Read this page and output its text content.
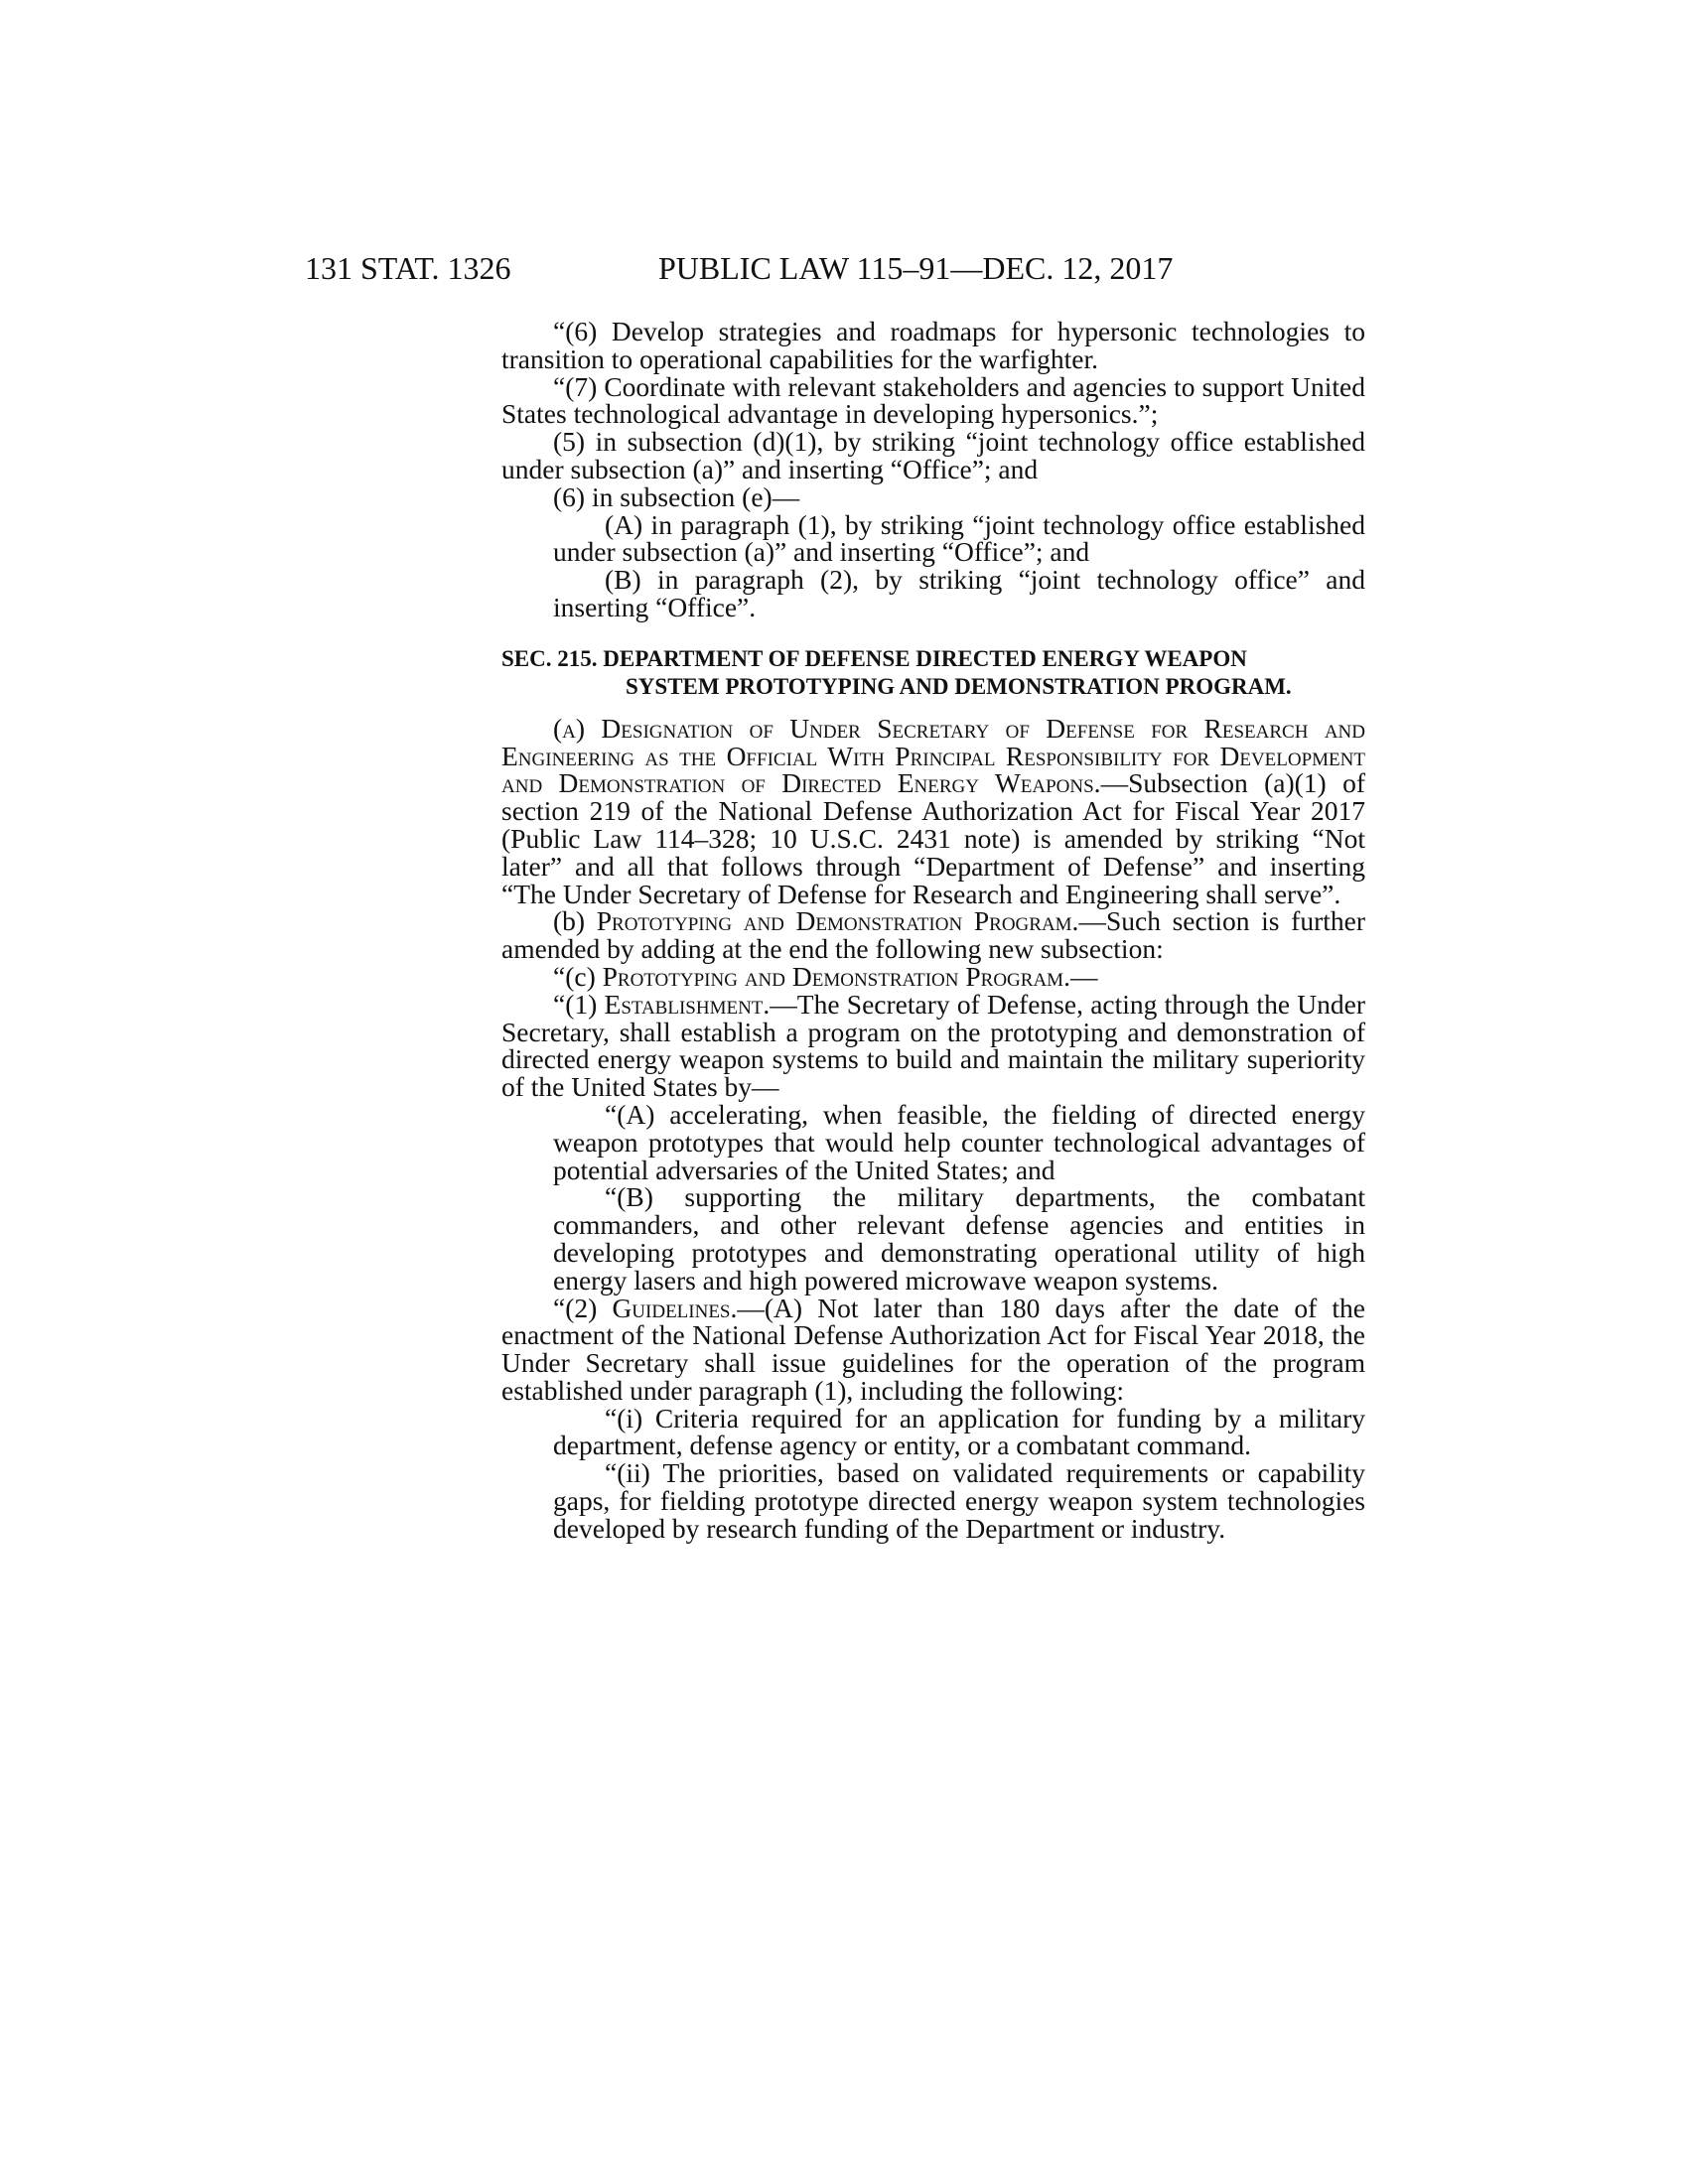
131 STAT. 1326	PUBLIC LAW 115–91—DEC. 12, 2017

“(6) Develop strategies and roadmaps for hypersonic technologies to transition to operational capabilities for the warfighter.

“(7) Coordinate with relevant stakeholders and agencies to support United States technological advantage in developing hypersonics.”;

(5) in subsection (d)(1), by striking “joint technology office established under subsection (a)” and inserting “Office”; and

(6) in subsection (e)—

(A) in paragraph (1), by striking “joint technology office established under subsection (a)” and inserting “Office”; and

(B) in paragraph (2), by striking “joint technology office” and inserting “Office”.

SEC. 215. DEPARTMENT OF DEFENSE DIRECTED ENERGY WEAPON
SYSTEM PROTOTYPING AND DEMONSTRATION PROGRAM.

(a) Designation of Under Secretary of Defense for Research and Engineering as the Official With Principal Responsibility for Development and Demonstration of Directed Energy Weapons.—Subsection (a)(1) of section 219 of the National Defense Authorization Act for Fiscal Year 2017 (Public Law 114–328; 10 U.S.C. 2431 note) is amended by striking “Not later” and all that follows through “Department of Defense” and inserting “The Under Secretary of Defense for Research and Engineering shall serve”.

(b) Prototyping and Demonstration Program.—Such section is further amended by adding at the end the following new subsection:

“(c) Prototyping and Demonstration Program.—

“(1) Establishment.—The Secretary of Defense, acting through the Under Secretary, shall establish a program on the prototyping and demonstration of directed energy weapon systems to build and maintain the military superiority of the United States by—

“(A) accelerating, when feasible, the fielding of directed energy weapon prototypes that would help counter technological advantages of potential adversaries of the United States; and

“(B) supporting the military departments, the combatant commanders, and other relevant defense agencies and entities in developing prototypes and demonstrating operational utility of high energy lasers and high powered microwave weapon systems.

“(2) Guidelines.—(A) Not later than 180 days after the date of the enactment of the National Defense Authorization Act for Fiscal Year 2018, the Under Secretary shall issue guidelines for the operation of the program established under paragraph (1), including the following:

“(i) Criteria required for an application for funding by a military department, defense agency or entity, or a combatant command.

“(ii) The priorities, based on validated requirements or capability gaps, for fielding prototype directed energy weapon system technologies developed by research funding of the Department or industry.
